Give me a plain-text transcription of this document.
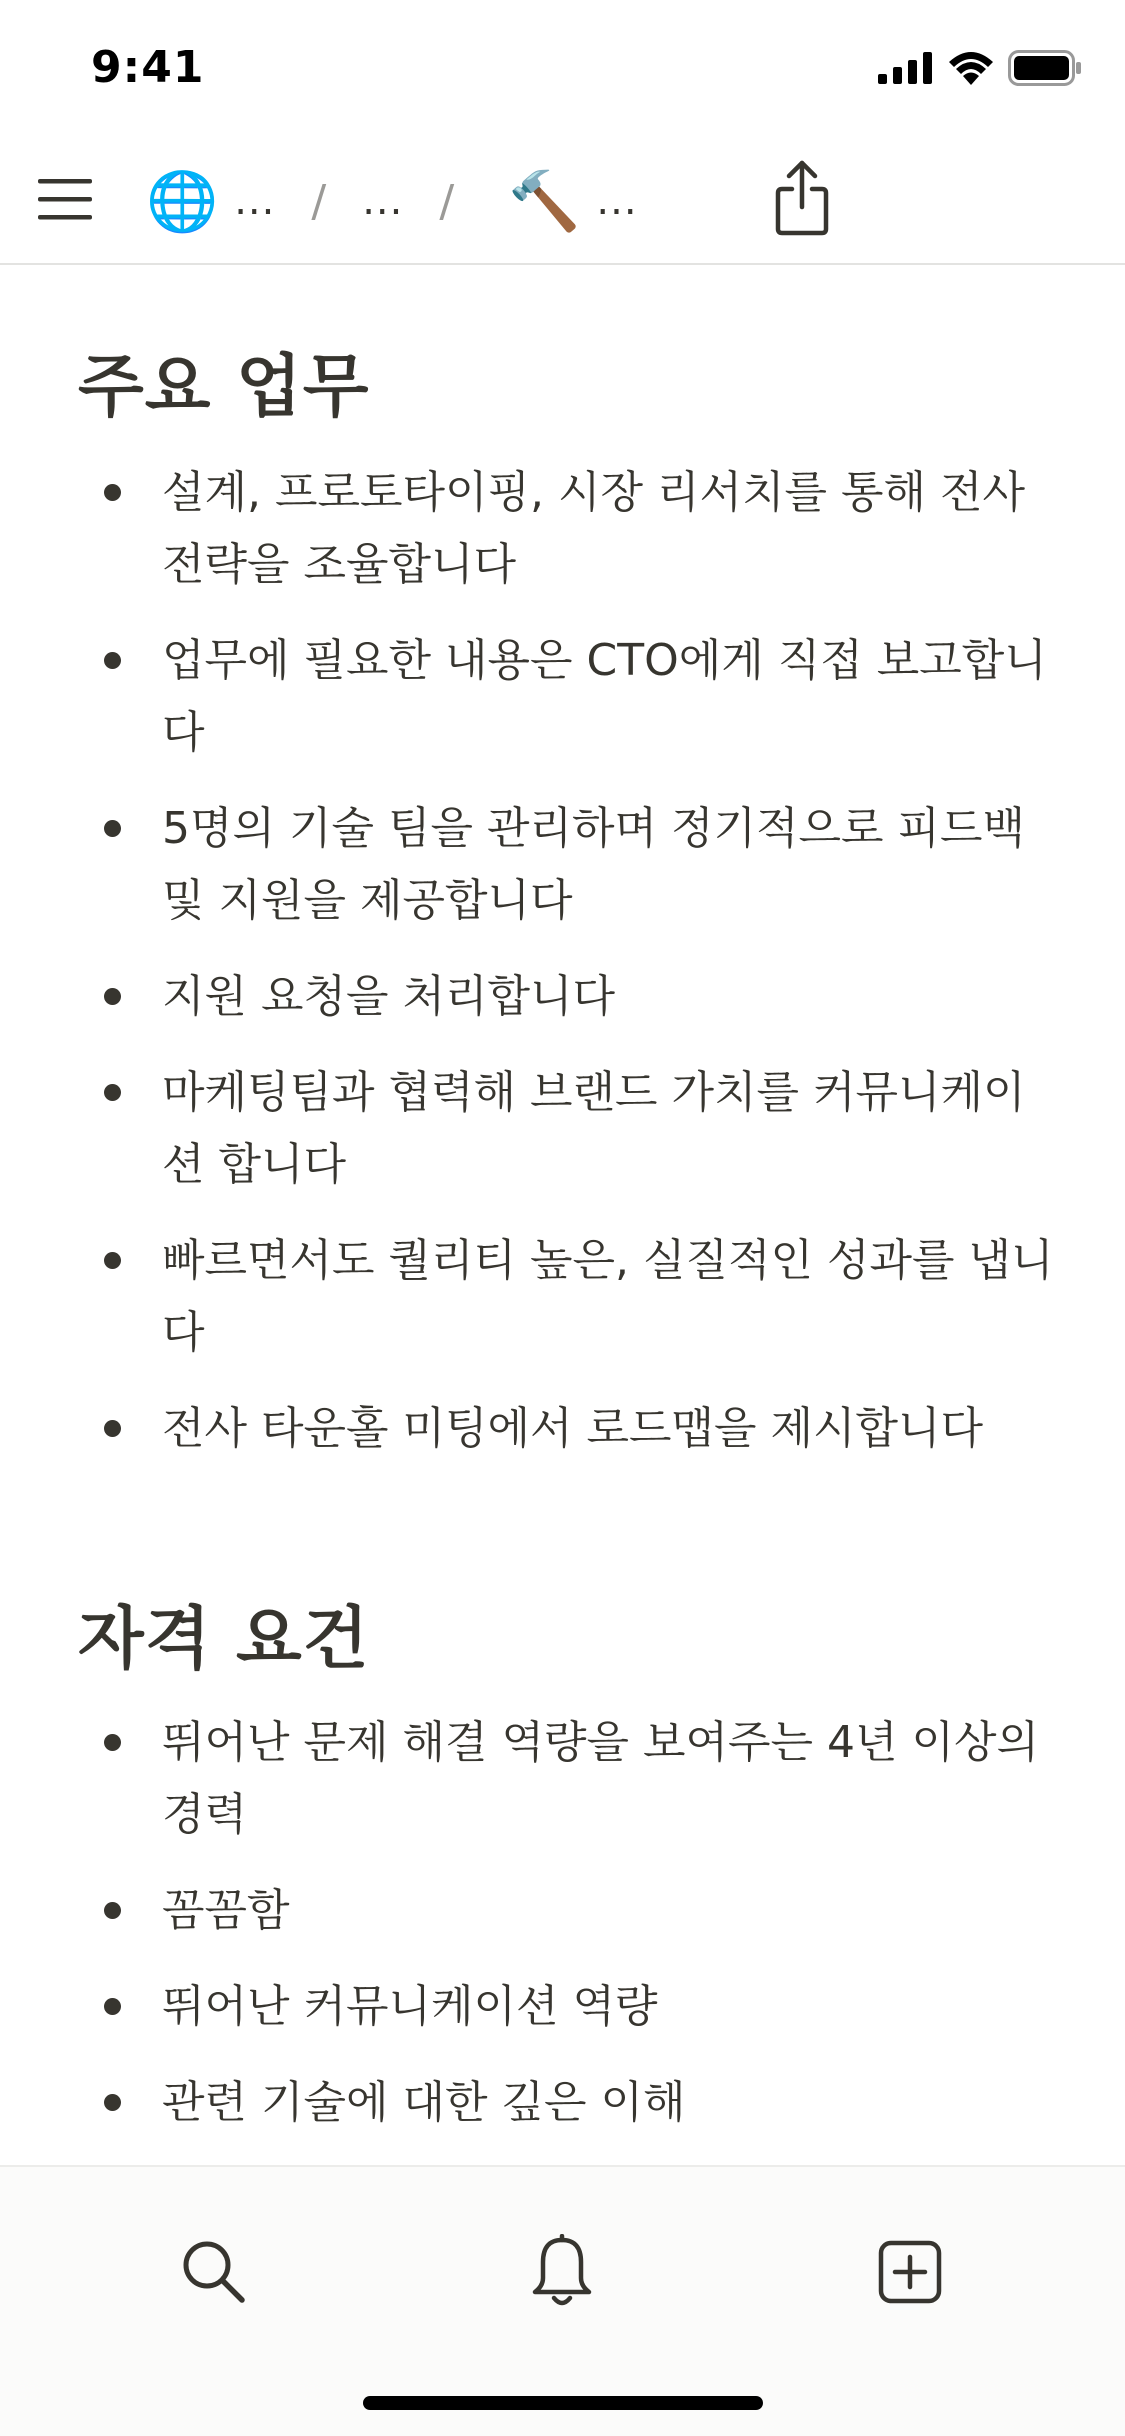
9:41
🌐 ... / ... / 🔨 ...
주요 업무
설계, 프로토타이핑, 시장 리서치를 통해 전사 전략을 조율합니다
업무에 필요한 내용은 CTO에게 직접 보고합니다
5명의 기술 팀을 관리하며 정기적으로 피드백 및 지원을 제공합니다
지원 요청을 처리합니다
마케팅팀과 협력해 브랜드 가치를 커뮤니케이션 합니다
빠르면서도 퀄리티 높은, 실질적인 성과를 냅니다
전사 타운홀 미팅에서 로드맵을 제시합니다
자격 요건
뛰어난 문제 해결 역량을 보여주는 4년 이상의 경력
꼼꼼함
뛰어난 커뮤니케이션 역량
관련 기술에 대한 깊은 이해
